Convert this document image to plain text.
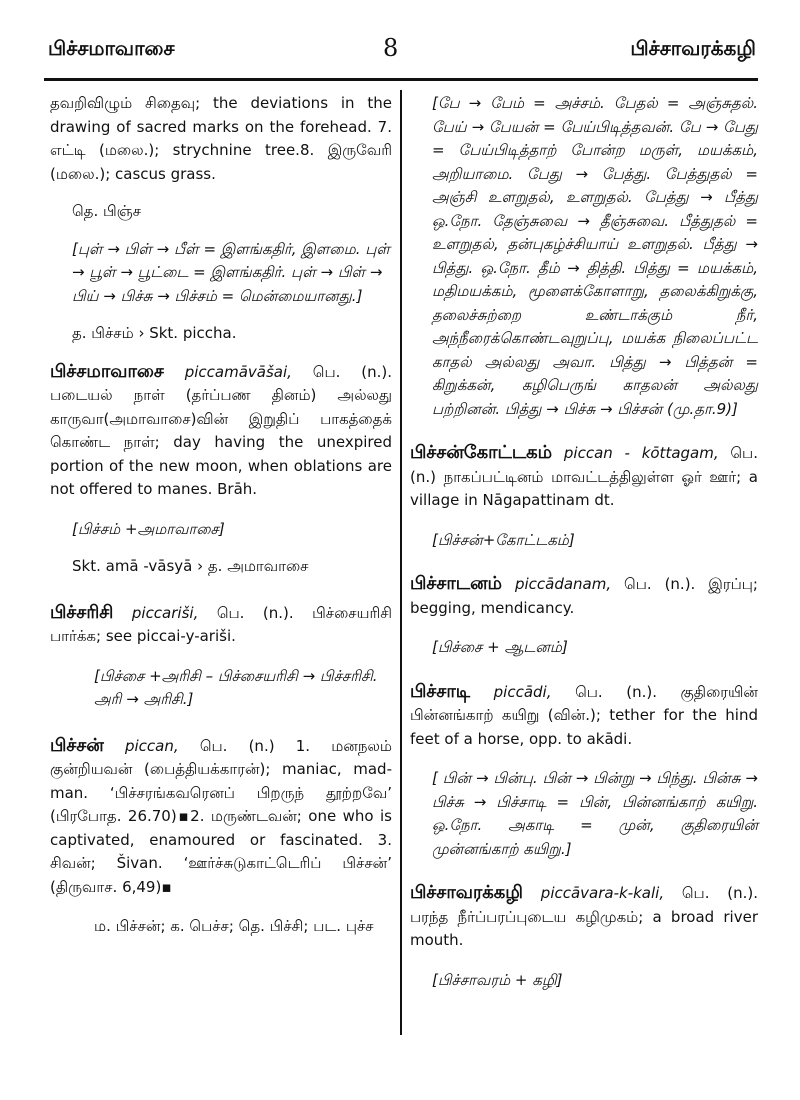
பிச்சமாவாசை	8	பிச்சாவரக்கழி
தவறிவிழும் சிதைவு; the deviations in the drawing of sacred marks on the forehead. 7. எட்டி (மலை.); strychnine tree.8. இருவேரி (மலை.); cascus grass.
தெ. பிஞ்ச
[புள் → பிள் → பீள் = இளங்கதிர், இளமை. புள் → பூள் → பூட்டை = இளங்கதிர். புள் → பிள் → பிய் → பிச்சு → பிச்சம் = மென்மையானது.]
த. பிச்சம் › Skt. piccha.
பிச்சமாவாசை piccamāvāšai, பெ. (n.). படையல் நாள் (தர்ப்பண தினம்) அல்லது காருவா(அமாவாசை)வின் இறுதிப் பாகத்தைக் கொண்ட நாள்; day having the unexpired portion of the new moon, when oblations are not offered to manes. Brāh.
[பிச்சம் +அமாவாசை]
Skt. amā -vāsyā › த. அமாவாசை
பிச்சரிசி piccariši, பெ. (n.). பிச்சையரிசி பார்க்க; see piccai-y-ariši.
[பிச்சை +அரிசி – பிச்சையரிசி → பிச்சரிசி. அரி → அரிசி.]
பிச்சன் piccan, பெ. (n.) 1. மனநலம் குன்றியவன் (பைத்தியக்காரன்); maniac, mad-man. ‘பிச்சரங்கவரெனப் பிறருந் தூற்றவே’ (பிரபோத. 26.70)▪2. மருண்டவன்; one who is captivated, enamoured or fascinated. 3. சிவன்; Šivan. ‘ஊர்ச்சுடுகாட்டெரிப் பிச்சன்’ (திருவாச. 6,49)▪
ம. பிச்சன்; க. பெச்ச; தெ. பிச்சி; பட. புச்ச
[பே → பேம் = அச்சம். பேதல் = அஞ்சுதல். பேய் → பேயன் = பேய்பிடித்தவன். பே → பேது = பேய்பிடித்தாற் போன்ற மருள், மயக்கம், அறியாமை. பேது → பேத்து. பேத்துதல் = அஞ்சி உளறுதல், உளறுதல். பேத்து → பீத்து ஒ.நோ. தேஞ்சுவை → தீஞ்சுவை. பீத்துதல் = உளறுதல், தன்புகழ்ச்சியாய் உளறுதல். பீத்து → பித்து. ஒ.நோ. தீம் → தித்தி. பித்து = மயக்கம், மதிமயக்கம், மூளைக்கோளாறு, தலைக்கிறுக்கு, தலைச்சுற்றை உண்டாக்கும் நீர், அந்நீரைக்கொண்டவுறுப்பு, மயக்க நிலைப்பட்ட காதல் அல்லது அவா. பித்து → பித்தன் = கிறுக்கன், கழிபெருங் காதலன் அல்லது பற்றினன். பித்து → பிச்சு → பிச்சன் (மு.தா.9)]
பிச்சன்கோட்டகம் piccan - kōttagam, பெ. (n.) நாகப்பட்டினம் மாவட்டத்திலுள்ள ஓர் ஊர்; a village in Nāgapattinam dt.
[பிச்சன்+கோட்டகம்]
பிச்சாடனம் piccādanam, பெ. (n.). இரப்பு; begging, mendicancy.
[பிச்சை + ஆடனம்]
பிச்சாடி piccādi, பெ. (n.). குதிரையின் பின்னங்காற் கயிறு (வின்.); tether for the hind feet of a horse, opp. to akādi.
[ பின் → பின்பு. பின் → பின்று → பிந்து. பின்சு → பிச்சு → பிச்சாடி = பின், பின்னங்காற் கயிறு. ஒ.நோ. அகாடி = முன், குதிரையின் முன்னங்காற் கயிறு.]
பிச்சாவரக்கழி piccāvara-k-kali, பெ. (n.). பரந்த நீர்ப்பரப்புடைய கழிமுகம்; a broad river mouth.
[பிச்சாவரம் + கழி]
